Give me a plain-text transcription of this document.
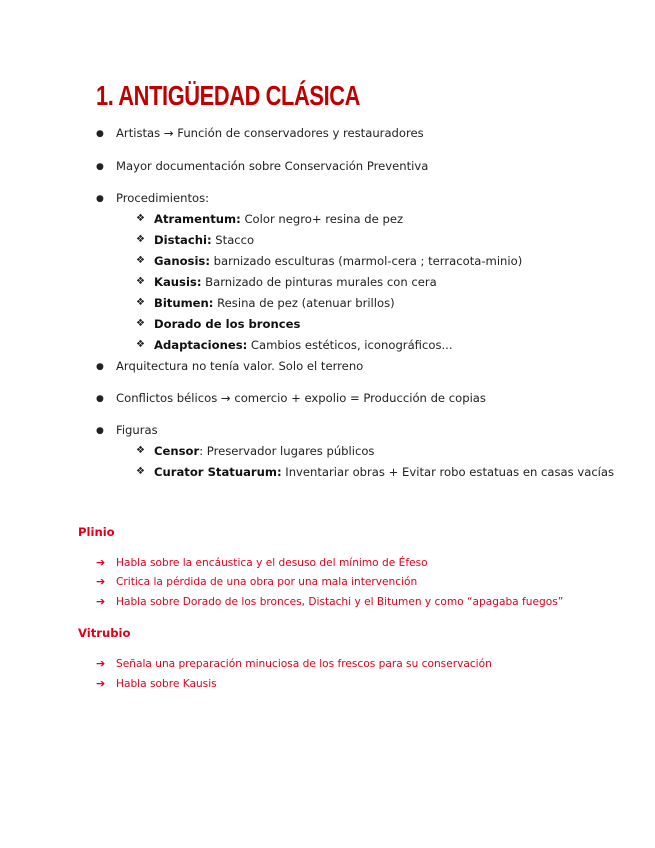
1. ANTIGÜEDAD CLÁSICA
● Artistas → Función de conservadores y restauradores
● Mayor documentación sobre Conservación Preventiva
● Procedimientos:
❖ Atramentum: Color negro+ resina de pez
❖ Distachi: Stacco
❖ Ganosis: barnizado esculturas (marmol-cera ; terracota-minio)
❖ Kausis: Barnizado de pinturas murales con cera
❖ Bitumen: Resina de pez (atenuar brillos)
❖ Dorado de los bronces
❖ Adaptaciones: Cambios estéticos, iconográficos...
● Arquitectura no tenía valor. Solo el terreno
● Conflictos bélicos → comercio + expolio = Producción de copias
● Figuras
❖ Censor: Preservador lugares públicos
❖ Curator Statuarum: Inventariar obras + Evitar robo estatuas en casas vacías
Plinio
➔ Habla sobre la encáustica y el desuso del mínimo de Éfeso
➔ Critica la pérdida de una obra por una mala intervención
➔ Habla sobre Dorado de los bronces, Distachi y el Bitumen y como “apagaba fuegos”
Vitrubio
➔ Señala una preparación minuciosa de los frescos para su conservación
➔ Habla sobre Kausis
